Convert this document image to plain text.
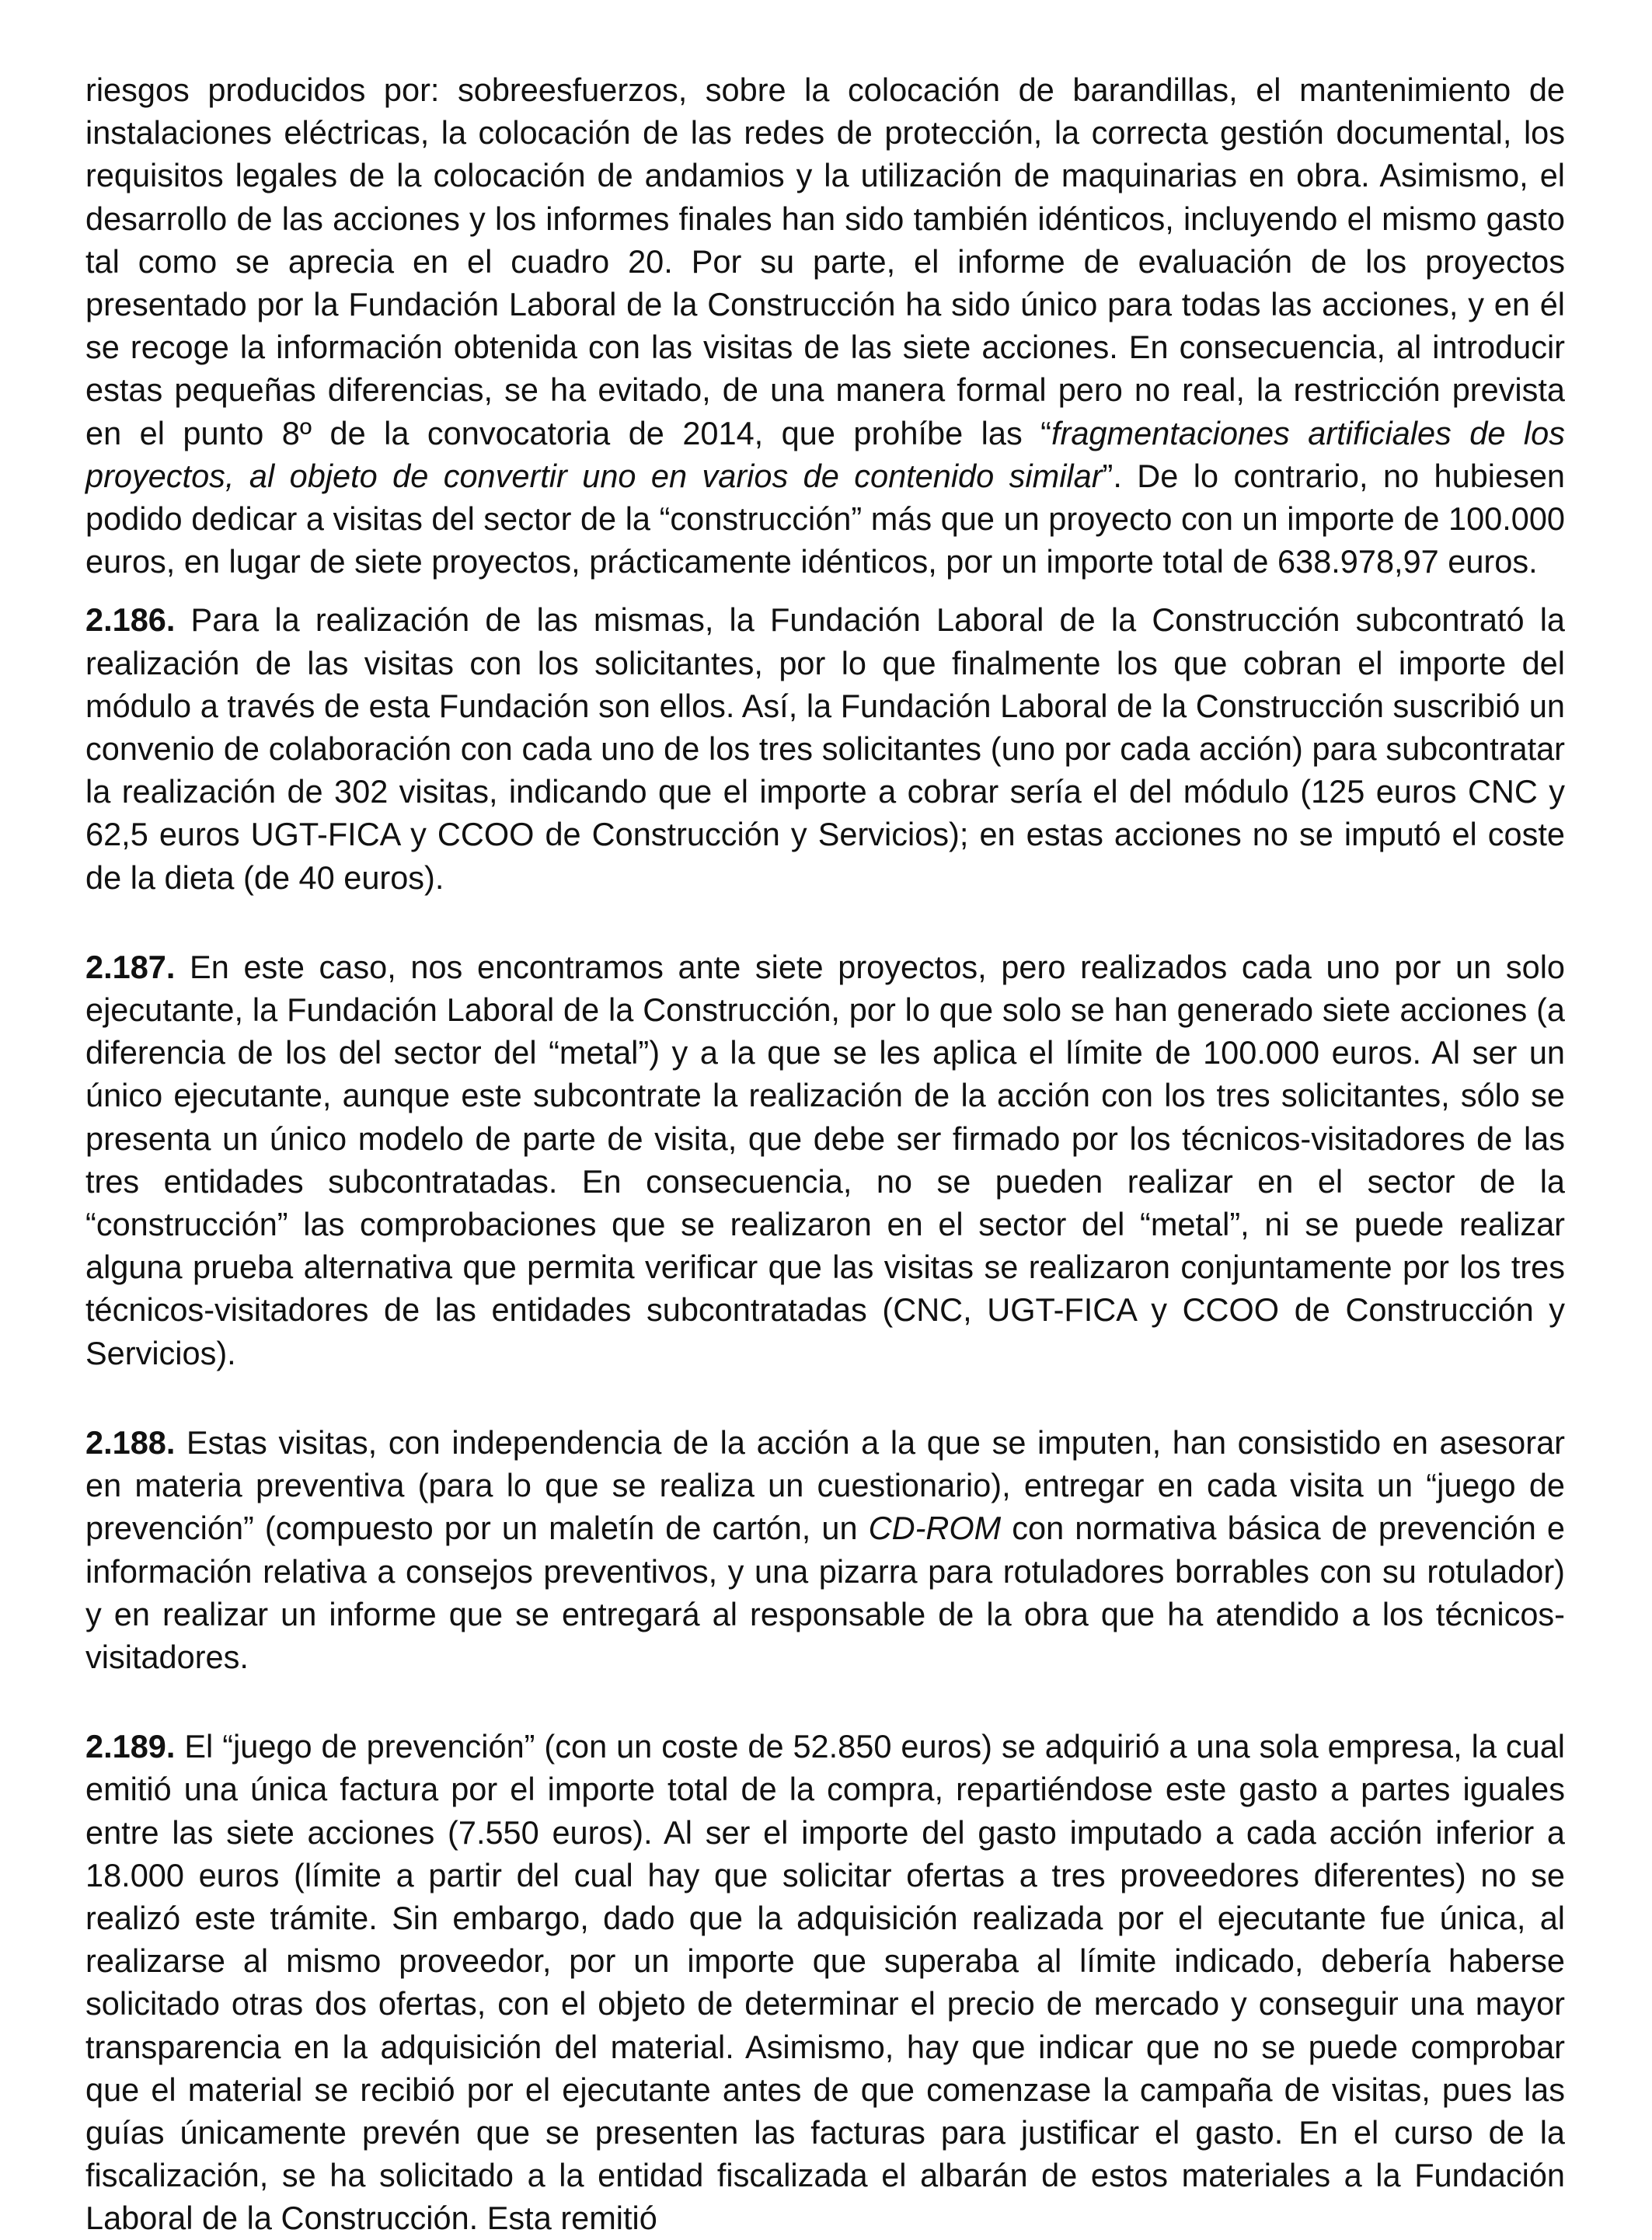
riesgos producidos por: sobreesfuerzos, sobre la colocación de barandillas, el mantenimiento de instalaciones eléctricas, la colocación de las redes de protección, la correcta gestión documental, los requisitos legales de la colocación de andamios y la utilización de maquinarias en obra. Asimismo, el desarrollo de las acciones y los informes finales han sido también idénticos, incluyendo el mismo gasto tal como se aprecia en el cuadro 20. Por su parte, el informe de evaluación de los proyectos presentado por la Fundación Laboral de la Construcción ha sido único para todas las acciones, y en él se recoge la información obtenida con las visitas de las siete acciones. En consecuencia, al introducir estas pequeñas diferencias, se ha evitado, de una manera formal pero no real, la restricción prevista en el punto 8º de la convocatoria de 2014, que prohíbe las “fragmentaciones artificiales de los proyectos, al objeto de convertir uno en varios de contenido similar”. De lo contrario, no hubiesen podido dedicar a visitas del sector de la “construcción” más que un proyecto con un importe de 100.000 euros, en lugar de siete proyectos, prácticamente idénticos, por un importe total de 638.978,97 euros.

2.186. Para la realización de las mismas, la Fundación Laboral de la Construcción subcontrató la realización de las visitas con los solicitantes, por lo que finalmente los que cobran el importe del módulo a través de esta Fundación son ellos. Así, la Fundación Laboral de la Construcción suscribió un convenio de colaboración con cada uno de los tres solicitantes (uno por cada acción) para subcontratar la realización de 302 visitas, indicando que el importe a cobrar sería el del módulo (125 euros CNC y 62,5 euros UGT-FICA y CCOO de Construcción y Servicios); en estas acciones no se imputó el coste de la dieta (de 40 euros).

2.187. En este caso, nos encontramos ante siete proyectos, pero realizados cada uno por un solo ejecutante, la Fundación Laboral de la Construcción, por lo que solo se han generado siete acciones (a diferencia de los del sector del “metal”) y a la que se les aplica el límite de 100.000 euros. Al ser un único ejecutante, aunque este subcontrate la realización de la acción con los tres solicitantes, sólo se presenta un único modelo de parte de visita, que debe ser firmado por los técnicos-visitadores de las tres entidades subcontratadas. En consecuencia, no se pueden realizar en el sector de la “construcción” las comprobaciones que se realizaron en el sector del “metal”, ni se puede realizar alguna prueba alternativa que permita verificar que las visitas se realizaron conjuntamente por los tres técnicos-visitadores de las entidades subcontratadas (CNC, UGT-FICA y CCOO de Construcción y Servicios).

2.188. Estas visitas, con independencia de la acción a la que se imputen, han consistido en asesorar en materia preventiva (para lo que se realiza un cuestionario), entregar en cada visita un “juego de prevención” (compuesto por un maletín de cartón, un CD-ROM con normativa básica de prevención e información relativa a consejos preventivos, y una pizarra para rotuladores borrables con su rotulador) y en realizar un informe que se entregará al responsable de la obra que ha atendido a los técnicos-visitadores.

2.189. El “juego de prevención” (con un coste de 52.850 euros) se adquirió a una sola empresa, la cual emitió una única factura por el importe total de la compra, repartiéndose este gasto a partes iguales entre las siete acciones (7.550 euros). Al ser el importe del gasto imputado a cada acción inferior a 18.000 euros (límite a partir del cual hay que solicitar ofertas a tres proveedores diferentes) no se realizó este trámite. Sin embargo, dado que la adquisición realizada por el ejecutante fue única, al realizarse al mismo proveedor, por un importe que superaba al límite indicado, debería haberse solicitado otras dos ofertas, con el objeto de determinar el precio de mercado y conseguir una mayor transparencia en la adquisición del material. Asimismo, hay que indicar que no se puede comprobar que el material se recibió por el ejecutante antes de que comenzase la campaña de visitas, pues las guías únicamente prevén que se presenten las facturas para justificar el gasto. En el curso de la fiscalización, se ha solicitado a la entidad fiscalizada el albarán de estos materiales a la Fundación Laboral de la Construcción. Esta remitió
